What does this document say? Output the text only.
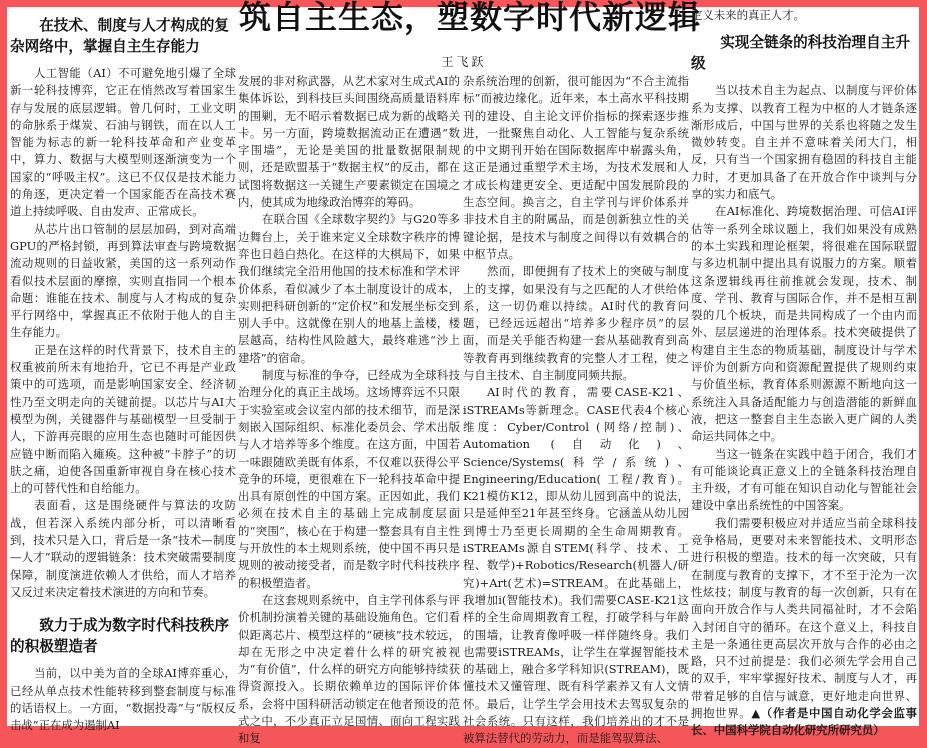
筑自主生态，塑数字时代新逻辑
王飞跃
在技术、制度与人才构成的复杂网络中，掌握自主生存能力

人工智能（AI）不可避免地引爆了全球新一轮科技博弈，它正在悄然改写着国家生存与发展的底层逻辑。曾几何时，工业文明的命脉系于煤炭、石油与钢铁，而在以人工智能为标志的新一轮科技革命和产业变革中，算力、数据与大模型则逐渐演变为一个国家的“呼吸主权”。这已不仅仅是技术能力的角逐，更决定着一个国家能否在高技术赛道上持续呼吸、自由发声、正常成长。

从芯片出口管制的层层加码，到对高端GPU的严格封锁，再到算法审查与跨境数据流动规则的日益收紧，美国的这一系列动作看似技术层面的摩擦，实则直指同一个根本命题：谁能在技术、制度与人才构成的复杂平行网络中，掌握真正不依附于他人的自主生存能力。

正是在这样的时代背景下，技术自主的权重被前所未有地抬升，它已不再是产业政策中的可选项，而是影响国家安全、经济韧性乃至文明走向的关键前提。以芯片与AI大模型为例，关键器件与基础模型一旦受制于人，下游再亮眼的应用生态也随时可能因供应链中断而陷入瘫痪。这种被“卡脖子”的切肤之痛，迫使各国重新审视自身在核心技术上的可替代性和自给能力。

表面看，这是围绕硬件与算法的攻防战，但若深入系统内部分析，可以清晰看到，技术只是入口，背后是一条“技术—制度—人才”联动的逻辑链条：技术突破需要制度保障，制度演进依赖人才供给，而人才培养又反过来决定着技术演进的方向和节奏。

致力于成为数字时代科技秩序的积极塑造者

当前，以中美为首的全球AI博弈重心，已经从单点技术性能转移到整套制度与标准的话语权上。一方面，“数据投毒”与“版权反击战”正在成为遏制AI

发展的非对称武器，从艺术家对生成式AI的集体诉讼，到科技巨头间围绕高质量语料库的围剿，无不昭示着数据已成为新的战略关卡。另一方面，跨境数据流动正在遭遇“数字围墙”，无论是美国的批量数据限制规则，还是欧盟基于“数据主权”的反击，都在试图将数据这一关键生产要素锁定在国境之内，使其成为地缘政治博弈的筹码。

在联合国《全球数字契约》与G20等多边舞台上，关于谁来定义全球数字秩序的博弈也日趋白热化。在这样的大棋局下，如果我们继续完全沿用他国的技术标准和学术评价体系，看似减少了本土制度设计的成本，实则把科研创新的“定价权”和发展坐标交到别人手中。这就像在别人的地基上盖楼，楼层越高，结构性风险越大，最终难逃“沙上建塔”的宿命。

制度与标准的争夺，已经成为全球科技治理分化的真正主战场。这场博弈远不只限于实验室或会议室内部的技术细节，而是深刻嵌入国际组织、标准化委员会、学术出版与人才培养等多个维度。在这方面，中国若一味跟随欧美既有体系，不仅难以获得公平竞争的环境，更很难在下一轮科技革命中提出具有原创性的中国方案。正因如此，我们必须在技术自主的基础上完成制度层面的“突围”，核心在于构建一整套具有自主性与开放性的本土规则系统，使中国不再只是规则的被动接受者，而是数字时代科技秩序的积极塑造者。

在这套规则系统中，自主学刊体系与评价机制扮演着关键的基础设施角色。它们看似距离芯片、模型这样的“硬核”技术较远，却在无形之中决定着什么样的研究被视为“有价值”，什么样的研究方向能够持续获得资源投入。长期依赖单边的国际评价体系，会将中国科研活动锁定在他者预设的范式之中，不少真正立足国情、面向工程实践和复

杂系统治理的创新，很可能因为“不合主流指标”而被边缘化。近年来，本土高水平科技期刊的建设、自主论文评价指标的探索逐步推进，一批聚焦自动化、人工智能与复杂系统的中文期刊开始在国际数据库中崭露头角，这正是通过重塑学术主场，为技术发展和人才成长构建更安全、更适配中国发展阶段的生态空间。换言之，自主学刊与评价体系并非技术自主的附属品，而是创新独立性的关键论据，是技术与制度之间得以有效耦合的中枢节点。

然而，即便拥有了技术上的突破与制度上的支撑，如果没有与之匹配的人才供给体系，这一切仍难以持续。AI时代的教育问题，已经远远超出“培养多少程序员”的层面，而是关乎能否构建一套从基础教育到高等教育再到继续教育的完整人才工程，使之与自主技术、自主制度同频共振。

AI时代的教育，需要CASE-K21、iSTREAMs等新理念。CASE代表4个核心维度：Cyber/Control (网络/控制)、Automation (自动化)、Science/Systems(科学/系统)、Engineering/Education( 工程/教育)。K21模仿K12，即从幼儿园到高中的说法，只是延伸至21年甚至终身。它涵盖从幼儿园到博士乃至更长周期的全生命周期教育。iSTREAMs源自STEM(科学、技术、工程、数学)+Robotics/Research(机器人/研究)+Art(艺术)=STREAM。在此基础上，我增加i(智能技术)。我们需要CASE-K21这样的全生命周期教育工程，打破学科与年龄的围墙，让教育像呼吸一样伴随终身。我们也需要iSTREAMs，让学生在掌握智能技术的基础上，融合多学科知识(STREAM)，既懂技术又懂管理、既有科学素养又有人文情怀。最后，让学生学会用技术去驾驭复杂的社会系统。只有这样，我们培养出的才不是被算法替代的劳动力，而是能驾驭算法、

定义未来的真正人才。

实现全链条的科技治理自主升级

当以技术自主为起点、以制度与评价体系为支撑、以教育工程为中枢的人才链条逐渐形成后，中国与世界的关系也将随之发生微妙转变。自主并不意味着关闭大门，相反，只有当一个国家拥有稳固的科技自主能力时，才更加具备了在开放合作中谈判与分享的实力和底气。

在AI标准化、跨境数据治理、可信AI评估等一系列全球议题上，我们如果没有成熟的本土实践和理论框架，将很难在国际联盟与多边机制中提出具有说服力的方案。顺着这条逻辑线再往前推就会发现，技术、制度、学刊、教育与国际合作，并不是相互割裂的几个板块，而是共同构成了一个由内而外、层层递进的治理体系。技术突破提供了构建自主生态的物质基础，制度设计与学术评价为创新方向和资源配置提供了规则约束与价值坐标，教育体系则源源不断地向这一系统注入具备适配能力与创造潜能的新鲜血液，把这一整套自主生态嵌入更广阔的人类命运共同体之中。

当这一链条在实践中趋于闭合，我们才有可能谈论真正意义上的全链条科技治理自主升级，才有可能在知识自动化与智能社会建设中拿出系统性的中国答案。

我们需要积极应对并适应当前全球科技竞争格局，更要对未来智能技术、文明形态进行积极的塑造。技术的每一次突破，只有在制度与教育的支撑下，才不至于沦为一次性炫技；制度与教育的每一次创新，只有在面向开放合作与人类共同福祉时，才不会陷入封闭自守的循环。在这个意义上，科技自主是一条通往更高层次开放与合作的必由之路，只不过前提是：我们必须先学会用自己的双手，牢牢掌握好技术、制度与人才，再带着足够的自信与诚意，更好地走向世界、拥抱世界。▲（作者是中国自动化学会监事长、中国科学院自动化研究所研究员）
